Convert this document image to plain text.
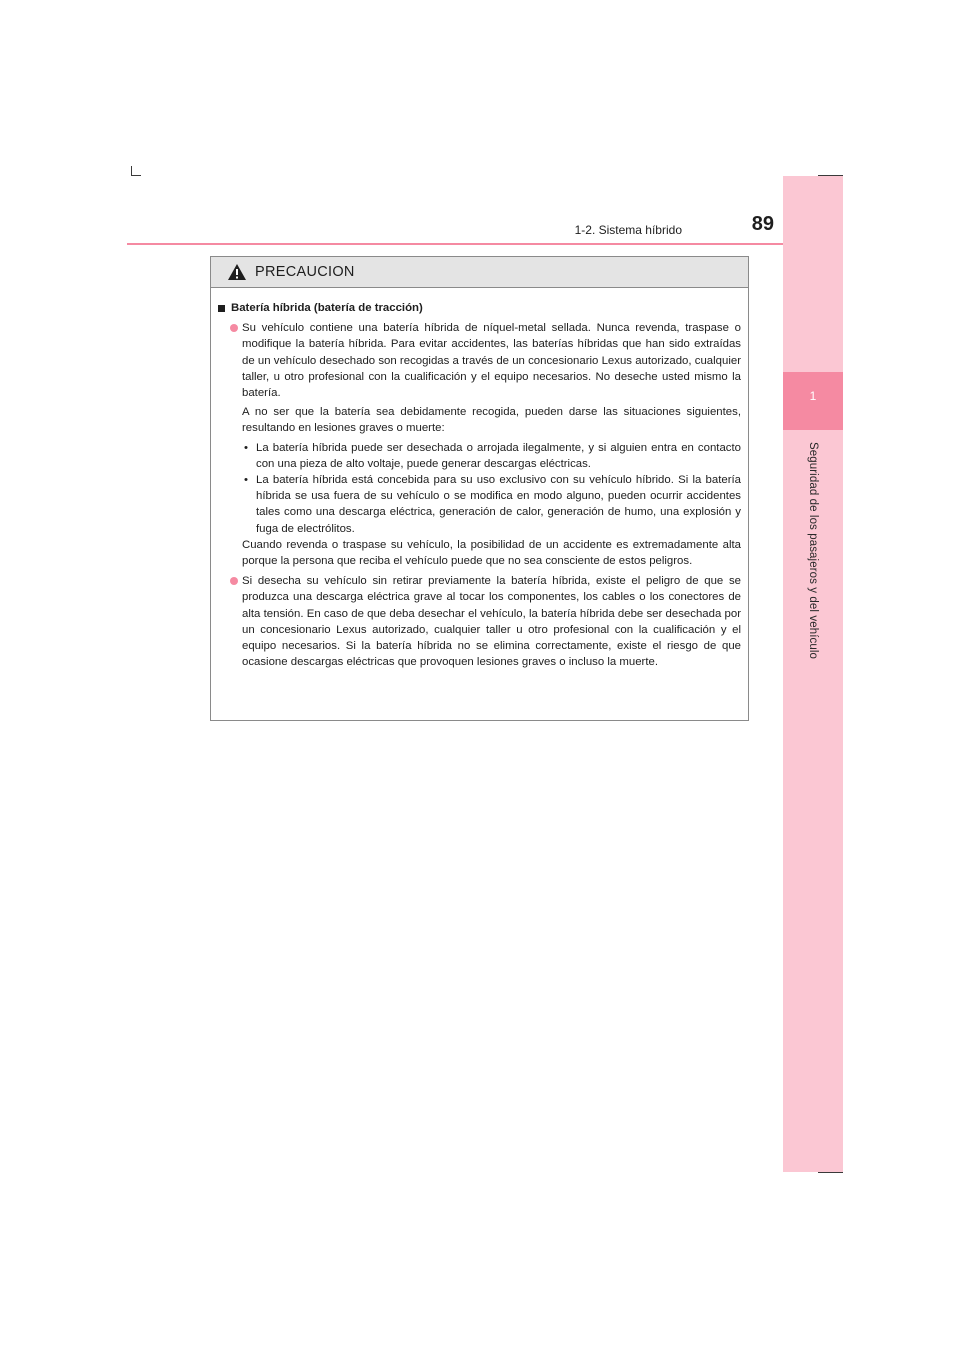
1-2. Sistema híbrido	89
1
Seguridad de los pasajeros y del vehículo
PRECAUCION
Batería híbrida (batería de tracción)

Su vehículo contiene una batería híbrida de níquel-metal sellada. Nunca revenda, traspase o modifique la batería híbrida. Para evitar accidentes, las baterías híbridas que han sido extraídas de un vehículo desechado son recogidas a través de un concesionario Lexus autorizado, cualquier taller, u otro profesional con la cualificación y el equipo necesarios. No deseche usted mismo la batería.

A no ser que la batería sea debidamente recogida, pueden darse las situaciones siguientes, resultando en lesiones graves o muerte:

• La batería híbrida puede ser desechada o arrojada ilegalmente, y si alguien entra en contacto con una pieza de alto voltaje, puede generar descargas eléctricas.

• La batería híbrida está concebida para su uso exclusivo con su vehículo híbrido. Si la batería híbrida se usa fuera de su vehículo o se modifica en modo alguno, pueden ocurrir accidentes tales como una descarga eléctrica, generación de calor, generación de humo, una explosión y fuga de electrólitos.

Cuando revenda o traspase su vehículo, la posibilidad de un accidente es extremadamente alta porque la persona que reciba el vehículo puede que no sea consciente de estos peligros.

Si desecha su vehículo sin retirar previamente la batería híbrida, existe el peligro de que se produzca una descarga eléctrica grave al tocar los componentes, los cables o los conectores de alta tensión. En caso de que deba desechar el vehículo, la batería híbrida debe ser desechada por un concesionario Lexus autorizado, cualquier taller u otro profesional con la cualificación y el equipo necesarios. Si la batería híbrida no se elimina correctamente, existe el riesgo de que ocasione descargas eléctricas que provoquen lesiones graves o incluso la muerte.
